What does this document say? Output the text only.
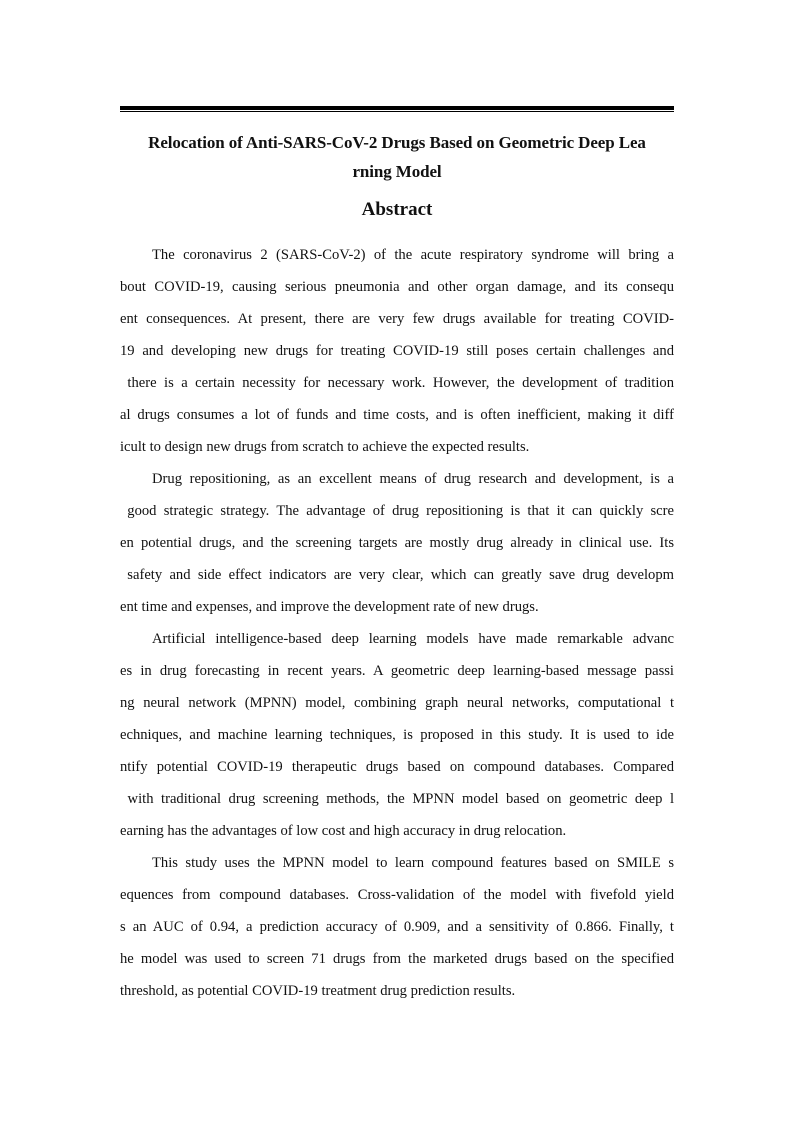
Relocation of Anti-SARS-CoV-2 Drugs Based on Geometric Deep Lea
rning Model
Abstract

The coronavirus 2 (SARS-CoV-2) of the acute respiratory syndrome will bring a
bout COVID-19, causing serious pneumonia and other organ damage, and its consequ
ent consequences. At present, there are very few drugs available for treating COVID-
19 and developing new drugs for treating COVID-19 still poses certain challenges and
there is a certain necessity for necessary work. However, the development of tradition
al drugs consumes a lot of funds and time costs, and is often inefficient, making it diff
icult to design new drugs from scratch to achieve the expected results.

Drug repositioning, as an excellent means of drug research and development, is a
good strategic strategy. The advantage of drug repositioning is that it can quickly scre
en potential drugs, and the screening targets are mostly drug already in clinical use. Its
safety and side effect indicators are very clear, which can greatly save drug developm
ent time and expenses, and improve the development rate of new drugs.

Artificial intelligence-based deep learning models have made remarkable advanc
es in drug forecasting in recent years. A geometric deep learning-based message passi
ng neural network (MPNN) model, combining graph neural networks, computational t
echniques, and machine learning techniques, is proposed in this study. It is used to ide
ntify potential COVID-19 therapeutic drugs based on compound databases. Compared
with traditional drug screening methods, the MPNN model based on geometric deep l
earning has the advantages of low cost and high accuracy in drug relocation.

This study uses the MPNN model to learn compound features based on SMILE s
equences from compound databases. Cross-validation of the model with fivefold yield
s an AUC of 0.94, a prediction accuracy of 0.909, and a sensitivity of 0.866. Finally, t
he model was used to screen 71 drugs from the marketed drugs based on the specified
threshold, as potential COVID-19 treatment drug prediction results.
